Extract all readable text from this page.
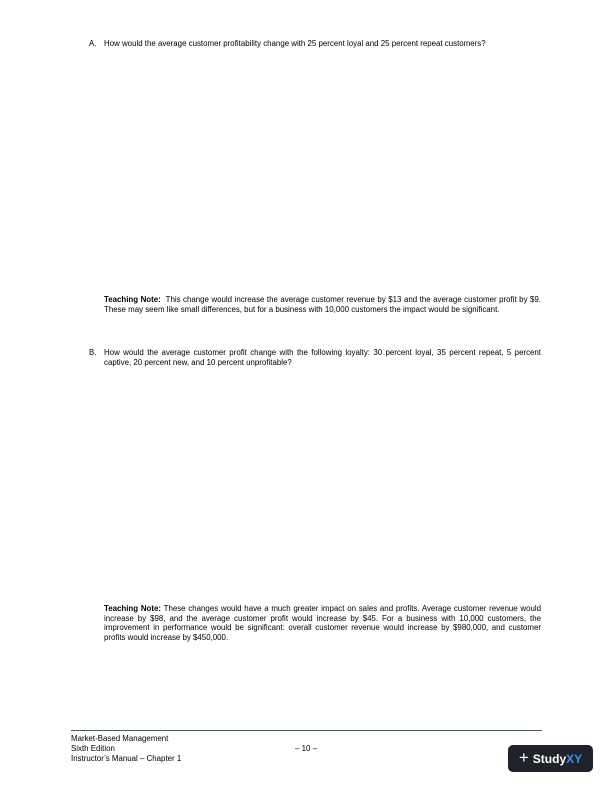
A. How would the average customer profitability change with 25 percent loyal and 25 percent repeat customers?
Teaching Note: This change would increase the average customer revenue by $13 and the average customer profit by $9. These may seem like small differences, but for a business with 10,000 customers the impact would be significant.
B. How would the average customer profit change with the following loyalty: 30 percent loyal, 35 percent repeat, 5 percent captive, 20 percent new, and 10 percent unprofitable?
Teaching Note: These changes would have a much greater impact on sales and profits. Average customer revenue would increase by $98, and the average customer profit would increase by $45. For a business with 10,000 customers, the improvement in performance would be significant: overall customer revenue would increase by $980,000, and customer profits would increase by $450,000.
Market-Based Management
Sixth Edition
Instructor’s Manual – Chapter 1
– 10 –	+ StudyXY
